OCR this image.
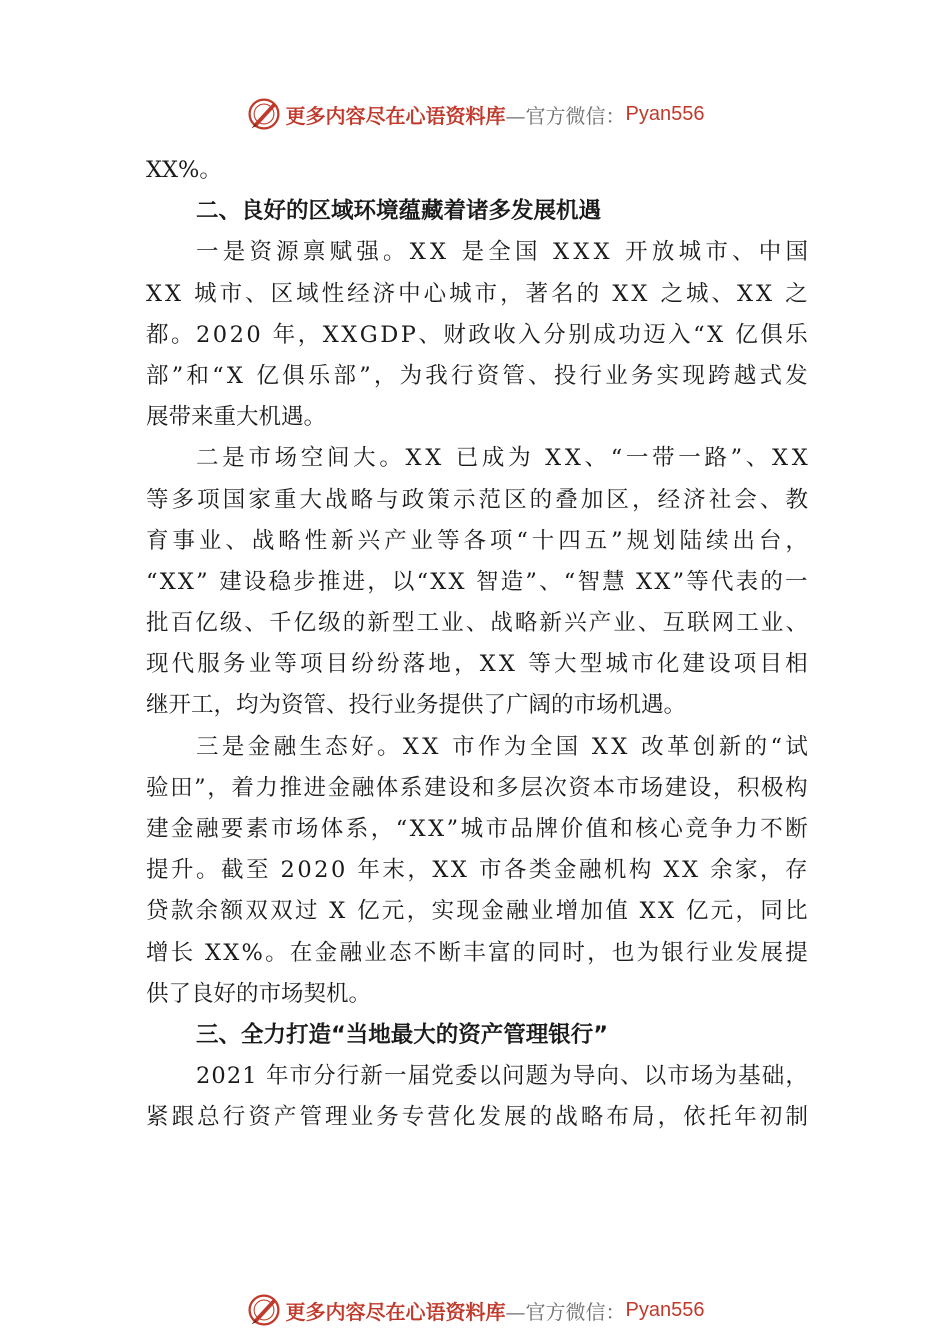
更多内容尽在心语资料库 —官方微信： Pyan556
XX%。
二、良好的区域环境蕴藏着诸多发展机遇
一 是 资 源 禀 赋 强 。 X X
是 全 国
X X X
开 放 城 市 、 中 国
X X
城 市 、 区 域 性 经 济 中 心 城 市 ， 著 名 的
X X
之 城 、 X X
之
都 。 2 0 2 0
年 ， X X G D P 、 财 政 收 入 分 别 成 功 迈 入 “ X
亿 俱 乐
部 ” 和 “ X
亿 俱 乐 部 ” ， 为 我 行 资 管 、 投 行 业 务 实 现 跨 越 式 发
展带来重大机遇。
二 是 市 场 空 间 大 。 X X
已 成 为
X X 、 “ 一 带 一 路 ” 、 X X
等 多 项 国 家 重 大 战 略 与 政 策 示 范 区 的 叠 加 区 ， 经 济 社 会 、 教
育 事 业 、 战 略 性 新 兴 产 业 等 各 项 “ 十 四 五 ” 规 划 陆 续 出 台 ，
“ X X ”
建 设 稳 步 推 进 ， 以 “ X X
智 造 ” 、 “ 智 慧
X X ” 等 代 表 的 一
批 百 亿 级 、 千 亿 级 的 新 型 工 业 、 战 略 新 兴 产 业 、 互 联 网 工 业 、
现 代 服 务 业 等 项 目 纷 纷 落 地 ， X X
等 大 型 城 市 化 建 设 项 目 相
继开工，均为资管、投行业务提供了广阔的市场机遇。
三 是 金 融 生 态 好 。 X X
市 作 为 全 国
X X
改 革 创 新 的 “ 试
验 田 ” ， 着 力 推 进 金 融 体 系 建 设 和 多 层 次 资 本 市 场 建 设 ， 积 极 构
建 金 融 要 素 市 场 体 系 ， “ X X ” 城 市 品 牌 价 值 和 核 心 竞 争 力 不 断
提 升 。 截 至
2 0 2 0
年 末 ， X X
市 各 类 金 融 机 构
X X
余 家 ， 存
贷 款 余 额 双 双 过
X
亿 元 ， 实 现 金 融 业 增 加 值
X X
亿 元 ， 同 比
增 长
X X % 。 在 金 融 业 态 不 断 丰 富 的 同 时 ， 也 为 银 行 业 发 展 提
供了良好的市场契机。
三、全力打造“当地最大的资产管理银行”
2 0 2 1
年 市 分 行 新 一 届 党 委 以 问 题 为 导 向 、 以 市 场 为 基 础 ，
紧 跟 总 行 资 产 管 理 业 务 专 营 化 发 展 的 战 略 布 局 ， 依 托 年 初 制
更多内容尽在心语资料库 —官方微信： Pyan556
